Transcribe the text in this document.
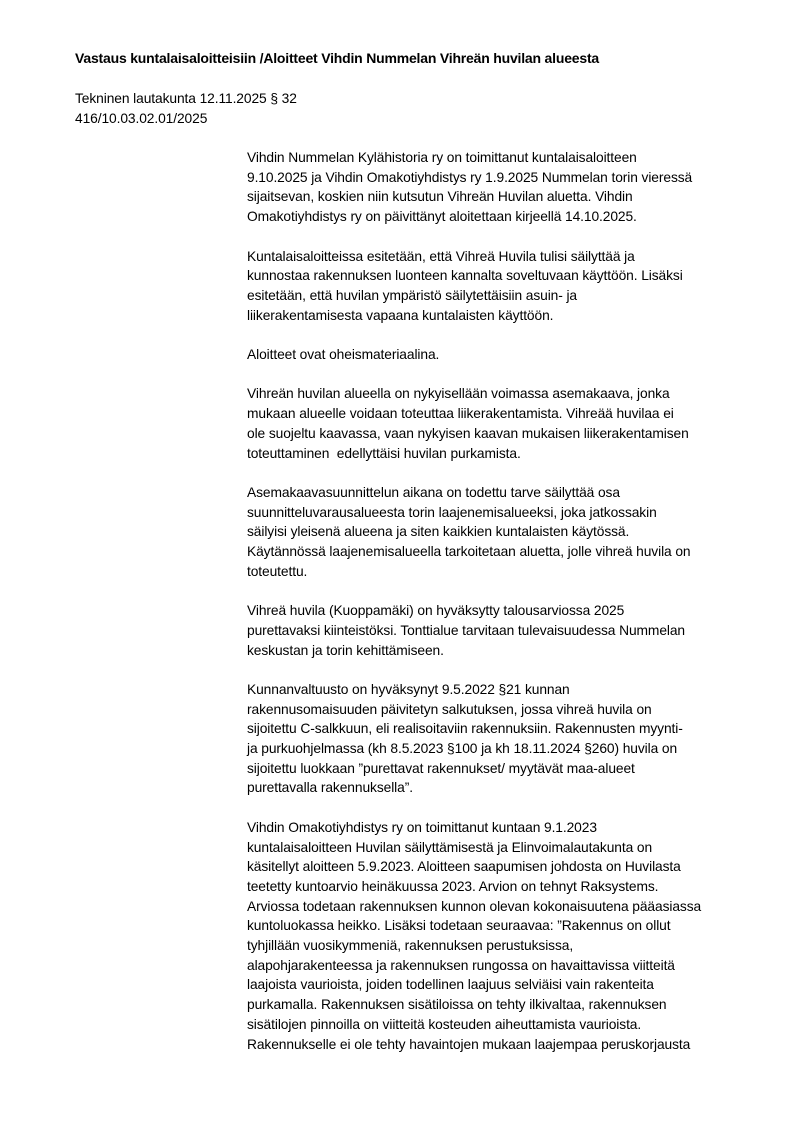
Vastaus kuntalaisaloitteisiin /Aloitteet Vihdin Nummelan Vihreän huvilan alueesta
Tekninen lautakunta 12.11.2025 § 32
416/10.03.02.01/2025
Vihdin Nummelan Kylähistoria ry on toimittanut kuntalaisaloitteen
9.10.2025 ja Vihdin Omakotiyhdistys ry 1.9.2025 Nummelan torin vieressä
sijaitsevan, koskien niin kutsutun Vihreän Huvilan aluetta. Vihdin
Omakotiyhdistys ry on päivittänyt aloitettaan kirjeellä 14.10.2025.
Kuntalaisaloitteissa esitetään, että Vihreä Huvila tulisi säilyttää ja
kunnostaa rakennuksen luonteen kannalta soveltuvaan käyttöön. Lisäksi
esitetään, että huvilan ympäristö säilytettäisiin asuin- ja
liikerakentamisesta vapaana kuntalaisten käyttöön.
Aloitteet ovat oheismateriaalina.
Vihreän huvilan alueella on nykyisellään voimassa asemakaava, jonka
mukaan alueelle voidaan toteuttaa liikerakentamista. Vihreää huvilaa ei
ole suojeltu kaavassa, vaan nykyisen kaavan mukaisen liikerakentamisen
toteuttaminen  edellyttäisi huvilan purkamista.
Asemakaavasuunnittelun aikana on todettu tarve säilyttää osa
suunnitteluvarausalueesta torin laajenemisalueeksi, joka jatkossakin
säilyisi yleisenä alueena ja siten kaikkien kuntalaisten käytössä.
Käytännössä laajenemisalueella tarkoitetaan aluetta, jolle vihreä huvila on
toteutettu.
Vihreä huvila (Kuoppamäki) on hyväksytty talousarviossa 2025
purettavaksi kiinteistöksi. Tonttialue tarvitaan tulevaisuudessa Nummelan
keskustan ja torin kehittämiseen.
Kunnanvaltuusto on hyväksynyt 9.5.2022 §21 kunnan
rakennusomaisuuden päivitetyn salkutuksen, jossa vihreä huvila on
sijoitettu C-salkkuun, eli realisoitaviin rakennuksiin. Rakennusten myynti-
ja purkuohjelmassa (kh 8.5.2023 §100 ja kh 18.11.2024 §260) huvila on
sijoitettu luokkaan ”purettavat rakennukset/ myytävät maa-alueet
purettavalla rakennuksella”.
Vihdin Omakotiyhdistys ry on toimittanut kuntaan 9.1.2023
kuntalaisaloitteen Huvilan säilyttämisestä ja Elinvoimalautakunta on
käsitellyt aloitteen 5.9.2023. Aloitteen saapumisen johdosta on Huvilasta
teetetty kuntoarvio heinäkuussa 2023. Arvion on tehnyt Raksystems.
Arviossa todetaan rakennuksen kunnon olevan kokonaisuutena pääasiassa
kuntoluokassa heikko. Lisäksi todetaan seuraavaa: ”Rakennus on ollut
tyhjillään vuosikymmeniä, rakennuksen perustuksissa,
alapohjarakenteessa ja rakennuksen rungossa on havaittavissa viitteitä
laajoista vaurioista, joiden todellinen laajuus selviäisi vain rakenteita
purkamalla. Rakennuksen sisätiloissa on tehty ilkivaltaa, rakennuksen
sisätilojen pinnoilla on viitteitä kosteuden aiheuttamista vaurioista.
Rakennukselle ei ole tehty havaintojen mukaan laajempaa peruskorjausta
